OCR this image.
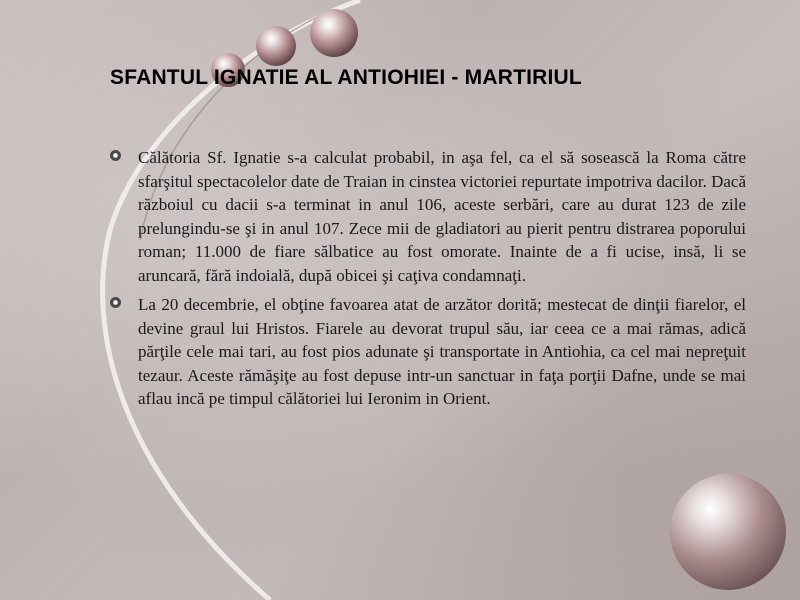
SFANTUL IGNATIE AL ANTIOHIEI - MARTIRIUL
Călătoria Sf. Ignatie s-a calculat probabil, in aşa fel, ca el să sosească la Roma către sfarşitul spectacolelor date de Traian in cinstea victoriei repurtate impotriva dacilor. Dacă războiul cu dacii s-a terminat in anul 106, aceste serbări, care au durat 123 de zile prelungindu-se şi in anul 107. Zece mii de gladiatori au pierit pentru distrarea poporului roman; 11.000 de fiare sălbatice au fost omorate. Inainte de a fi ucise, insă, li se aruncară, fără indoială, după obicei şi caţiva condamnaţi.
La 20 decembrie, el obţine favoarea atat de arzător dorită; mestecat de dinţii fiarelor, el devine graul lui Hristos. Fiarele au devorat trupul său, iar ceea ce a mai rămas, adică părţile cele mai tari, au fost pios adunate şi transportate in Antiohia, ca cel mai nepreţuit tezaur. Aceste rămăşiţe au fost depuse intr-un sanctuar in faţa porţii Dafne, unde se mai aflau incă pe timpul călătoriei lui Ieronim in Orient.
